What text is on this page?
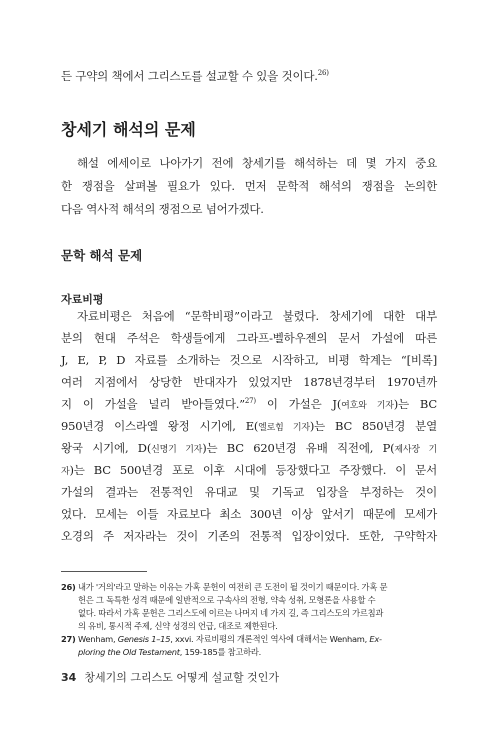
든 구약의 책에서 그리스도를 설교할 수 있을 것이다.$^{26)}$
창세기 해석의 문제
해설 에세이로 나아가기 전에 창세기를 해석하는 데 몇 가지 중요
한 쟁점을 살펴볼 필요가 있다. 먼저 문학적 해석의 쟁점을 논의한
다음 역사적 해석의 쟁점으로 넘어가겠다.
문학 해석 문제
자료비평
자료비평은 처음에 “문학비평”이라고 불렸다. 창세기에 대한 대부
분의 현대 주석은 학생들에게 그라프-벨하우젠의 문서 가설에 따른
J, E, P, D 자료를 소개하는 것으로 시작하고, 비평 학계는 “[비록]
여러 지점에서 상당한 반대자가 있었지만 1878년경부터 1970년까
지 이 가설을 널리 받아들였다.”$^{27)}$ 이 가설은 J(여호와 기자)는 BC
950년경 이스라엘 왕정 시기에, E(엘로힘 기자)는 BC 850년경 분열
왕국 시기에, D(신명기 기자)는 BC 620년경 유배 직전에, P(제사장 기
자)는 BC 500년경 포로 이후 시대에 등장했다고 주장했다. 이 문서
가설의 결과는 전통적인 유대교 및 기독교 입장을 부정하는 것이
었다. 모세는 이들 자료보다 최소 300년 이상 앞서기 때문에 모세가
오경의 주 저자라는 것이 기존의 전통적 입장이었다. 또한, 구약학자
26) 내가 '거의'라고 말하는 이유는 가혹 문헌이 여전히 큰 도전이 될 것이기 때문이다. 가혹 문
헌은 그 독특한 성격 때문에 일반적으로 구속사의 전형, 약속 성취, 모형론을 사용할 수
없다. 따라서 가혹 문헌은 그리스도에 이르는 나머지 네 가지 길, 즉 그리스도의 가르침과
의 유비, 통시적 주제, 신약 성경의 언급, 대조로 제한된다.
27) Wenham, Genesis 1–15, xxvi. 자료비평의 개론적인 역사에 대해서는 Wenham, Ex-
ploring the Old Testament, 159-185를 참고하라.
34 창세기의 그리스도 어떻게 설교할 것인가
